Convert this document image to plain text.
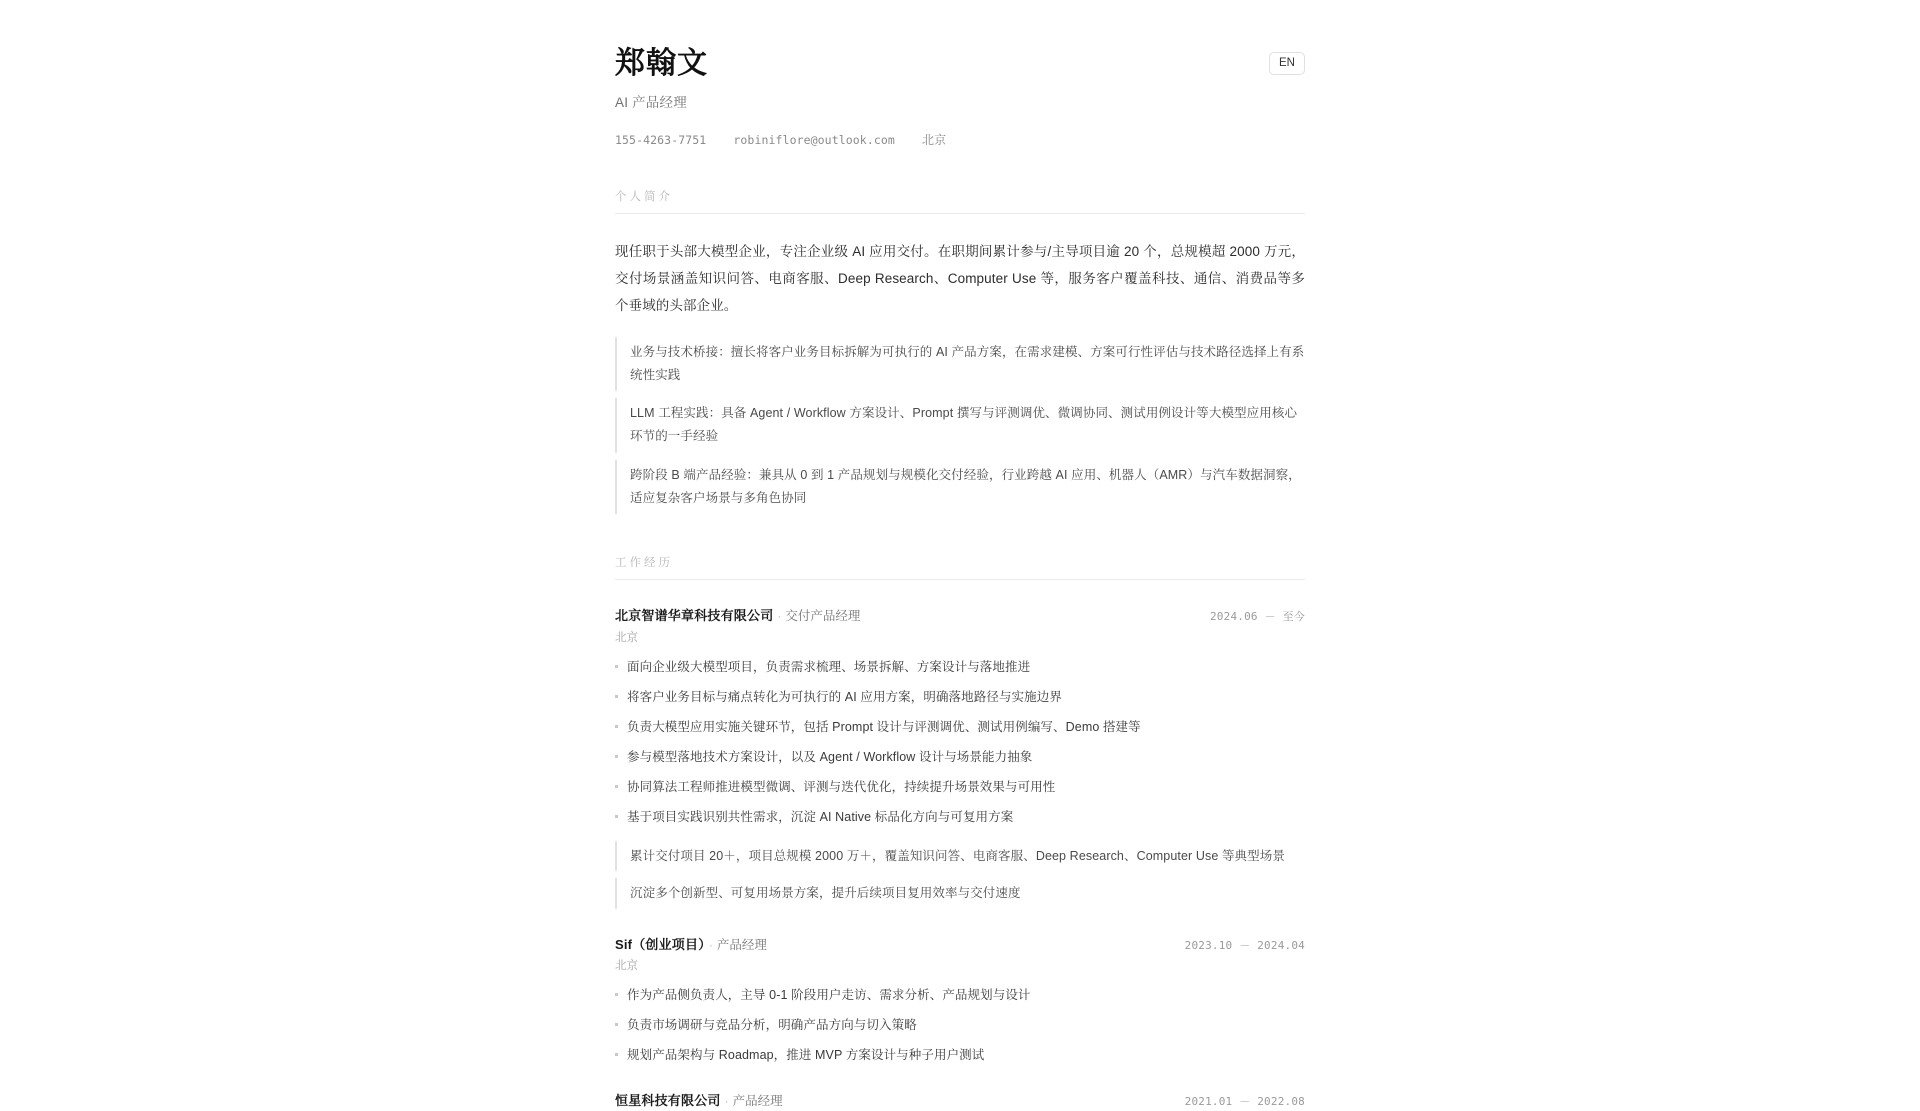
郑翰文	EN
AI 产品经理
155-4263-7751 robiniflore@outlook.com 北京
个人简介

现任职于头部大模型企业，专注企业级 AI 应用交付。在职期间累计参与/主导项目逾 20 个，总规模超 2000 万元，交付场景涵盖知识问答、电商客服、Deep Research、Computer Use 等，服务客户覆盖科技、通信、消费品等多个垂域的头部企业。

业务与技术桥接：擅长将客户业务目标拆解为可执行的 AI 产品方案，在需求建模、方案可行性评估与技术路径选择上有系统性实践
LLM 工程实践：具备 Agent / Workflow 方案设计、Prompt 撰写与评测调优、微调协同、测试用例设计等大模型应用核心环节的一手经验
跨阶段 B 端产品经验：兼具从 0 到 1 产品规划与规模化交付经验，行业跨越 AI 应用、机器人（AMR）与汽车数据洞察，适应复杂客户场景与多角色协同
工作经历
北京智谱华章科技有限公司 · 交付产品经理	2024.06 － 至今
北京
面向企业级大模型项目，负责需求梳理、场景拆解、方案设计与落地推进
将客户业务目标与痛点转化为可执行的 AI 应用方案，明确落地路径与实施边界
负责大模型应用实施关键环节，包括 Prompt 设计与评测调优、测试用例编写、Demo 搭建等
参与模型落地技术方案设计，以及 Agent / Workflow 设计与场景能力抽象
协同算法工程师推进模型微调、评测与迭代优化，持续提升场景效果与可用性
基于项目实践识别共性需求，沉淀 AI Native 标品化方向与可复用方案
累计交付项目 20＋，项目总规模 2000 万＋，覆盖知识问答、电商客服、Deep Research、Computer Use 等典型场景
沉淀多个创新型、可复用场景方案，提升后续项目复用效率与交付速度
Sif（创业项目） · 产品经理	2023.10 － 2024.04
北京
作为产品侧负责人，主导 0-1 阶段用户走访、需求分析、产品规划与设计
负责市场调研与竞品分析，明确产品方向与切入策略
规划产品架构与 Roadmap，推进 MVP 方案设计与种子用户测试
恒星科技有限公司 · 产品经理	2021.01 － 2022.08
